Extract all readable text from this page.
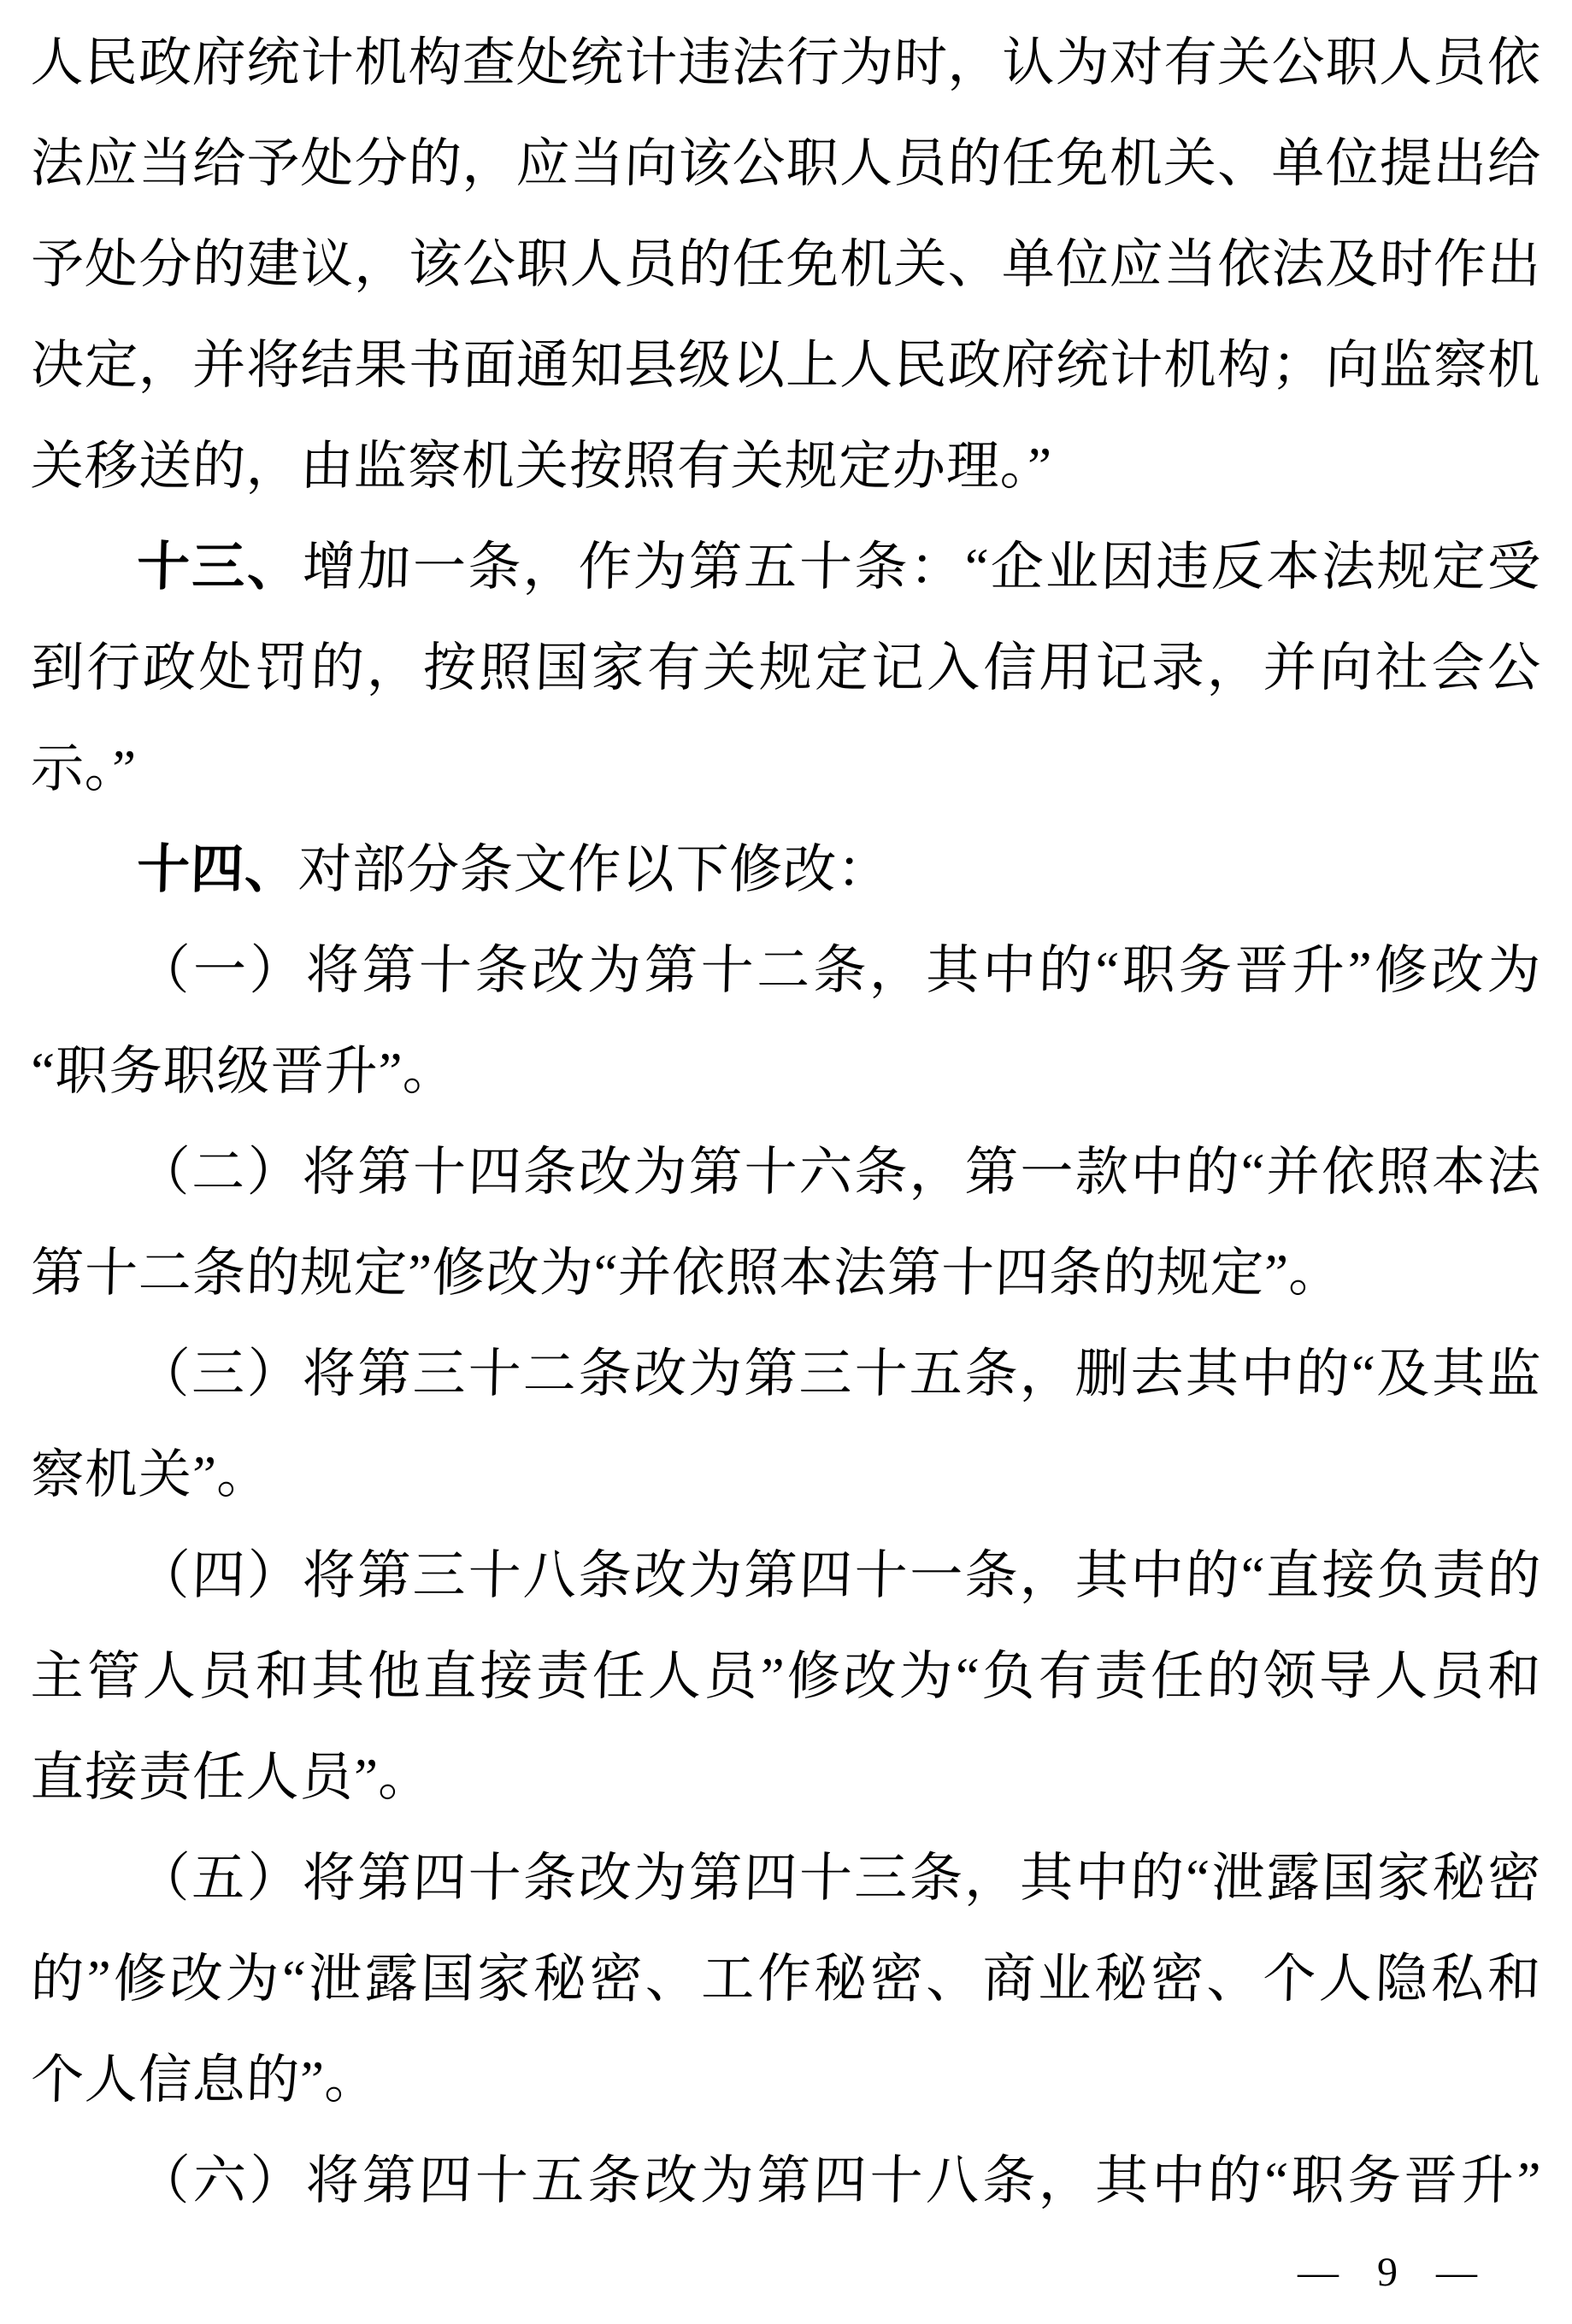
人民政府统计机构查处统计违法行为时，认为对有关公职人员依
法应当给予处分的，应当向该公职人员的任免机关、单位提出给
予处分的建议，该公职人员的任免机关、单位应当依法及时作出
决定，并将结果书面通知县级以上人民政府统计机构；向监察机
关移送的，由监察机关按照有关规定办理。”
十三、增加一条，作为第五十条：“企业因违反本法规定受
到行政处罚的，按照国家有关规定记入信用记录，并向社会公
示。”
十四、对部分条文作以下修改：
（一）将第十条改为第十二条，其中的“职务晋升”修改为
“职务职级晋升”。
（二）将第十四条改为第十六条，第一款中的“并依照本法
第十二条的规定”修改为“并依照本法第十四条的规定”。
（三）将第三十二条改为第三十五条，删去其中的“及其监
察机关”。
（四）将第三十八条改为第四十一条，其中的“直接负责的
主管人员和其他直接责任人员”修改为“负有责任的领导人员和
直接责任人员”。
（五）将第四十条改为第四十三条，其中的“泄露国家秘密
的”修改为“泄露国家秘密、工作秘密、商业秘密、个人隐私和
个人信息的”。
（六）将第四十五条改为第四十八条，其中的“职务晋升”
— 9 —
